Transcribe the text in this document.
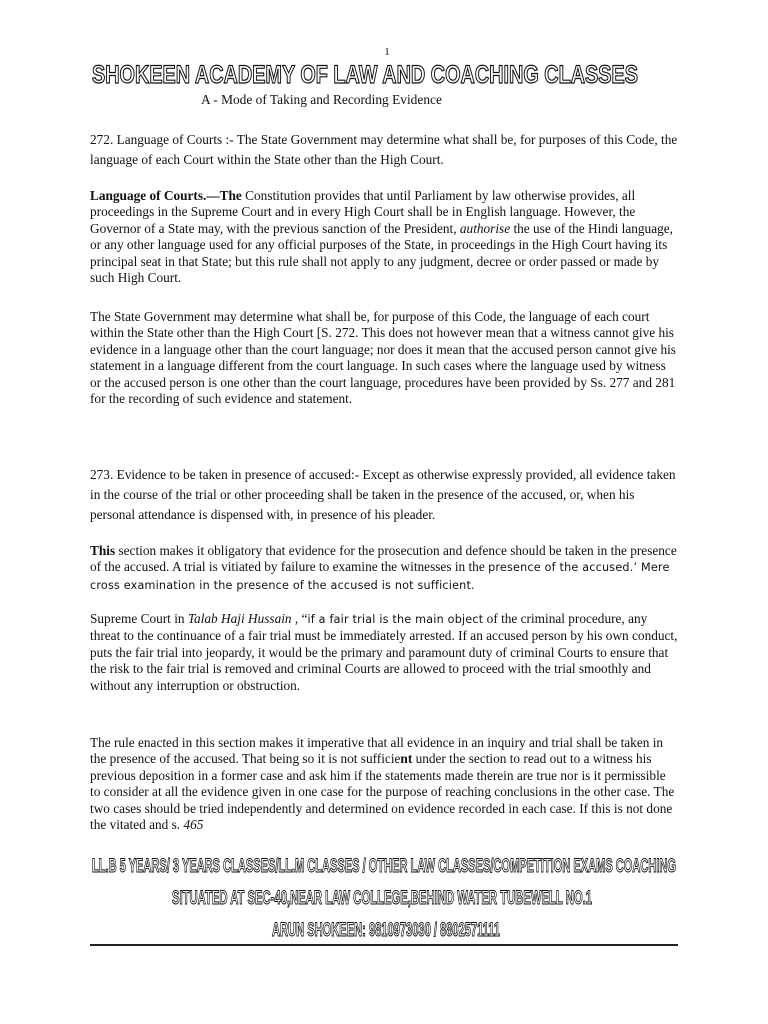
1
SHOKEEN ACADEMY OF LAW AND COACHING CLASSES
A - Mode of Taking and Recording Evidence

272. Language of Courts :- The State Government may determine what shall be, for purposes of this Code, the language of each Court within the State other than the High Court.

Language of Courts.—The Constitution provides that until Parliament by law otherwise provides, all proceedings in the Supreme Court and in every High Court shall be in English language. However, the Governor of a State may, with the previous sanction of the President, authorise the use of the Hindi language, or any other language used for any official purposes of the State, in proceedings in the High Court having its principal seat in that State; but this rule shall not apply to any judgment, decree or order passed or made by such High Court.

The State Government may determine what shall be, for purpose of this Code, the language of each court within the State other than the High Court [S. 272. This does not however mean that a witness cannot give his evidence in a language other than the court language; nor does it mean that the accused person cannot give his statement in a language different from the court language. In such cases where the language used by witness or the accused person is one other than the court language, procedures have been provided by Ss. 277 and 281 for the recording of such evidence and statement.

273. Evidence to be taken in presence of accused:- Except as otherwise expressly provided, all evidence taken in the course of the trial or other proceeding shall be taken in the presence of the accused, or, when his personal attendance is dispensed with, in presence of his pleader.

This section makes it obligatory that evidence for the prosecution and defence should be taken in the presence of the accused. A trial is vitiated by failure to examine the witnesses in the presence of the accused.’ Mere cross examination in the presence of the accused is not sufficient.

Supreme Court in Talab Haji Hussain , “if a fair trial is the main object of the criminal procedure, any threat to the continuance of a fair trial must be immediately arrested. If an accused person by his own conduct, puts the fair trial into jeopardy, it would be the primary and paramount duty of criminal Courts to ensure that the risk to the fair trial is removed and criminal Courts are allowed to proceed with the trial smoothly and without any interruption or obstruction.

The rule enacted in this section makes it imperative that all evidence in an inquiry and trial shall be taken in the presence of the accused. That being so it is not sufficient under the section to read out to a witness his previous deposition in a former case and ask him if the statements made therein are true nor is it permissible to consider at all the evidence given in one case for the purpose of reaching conclusions in the other case. The two cases should be tried independently and determined on evidence recorded in each case. If this is not done the vitated and s. 465

LL.B 5 YEARS/ 3 YEARS CLASSES/LL.M CLASSES / OTHER LAW CLASSES/COMPETITION EXAMS COACHING
SITUATED AT SEC-40,NEAR LAW COLLEGE,BEHIND WATER TUBEWELL NO.1
ARUN SHOKEEN: 9810973030 / 8802571111
